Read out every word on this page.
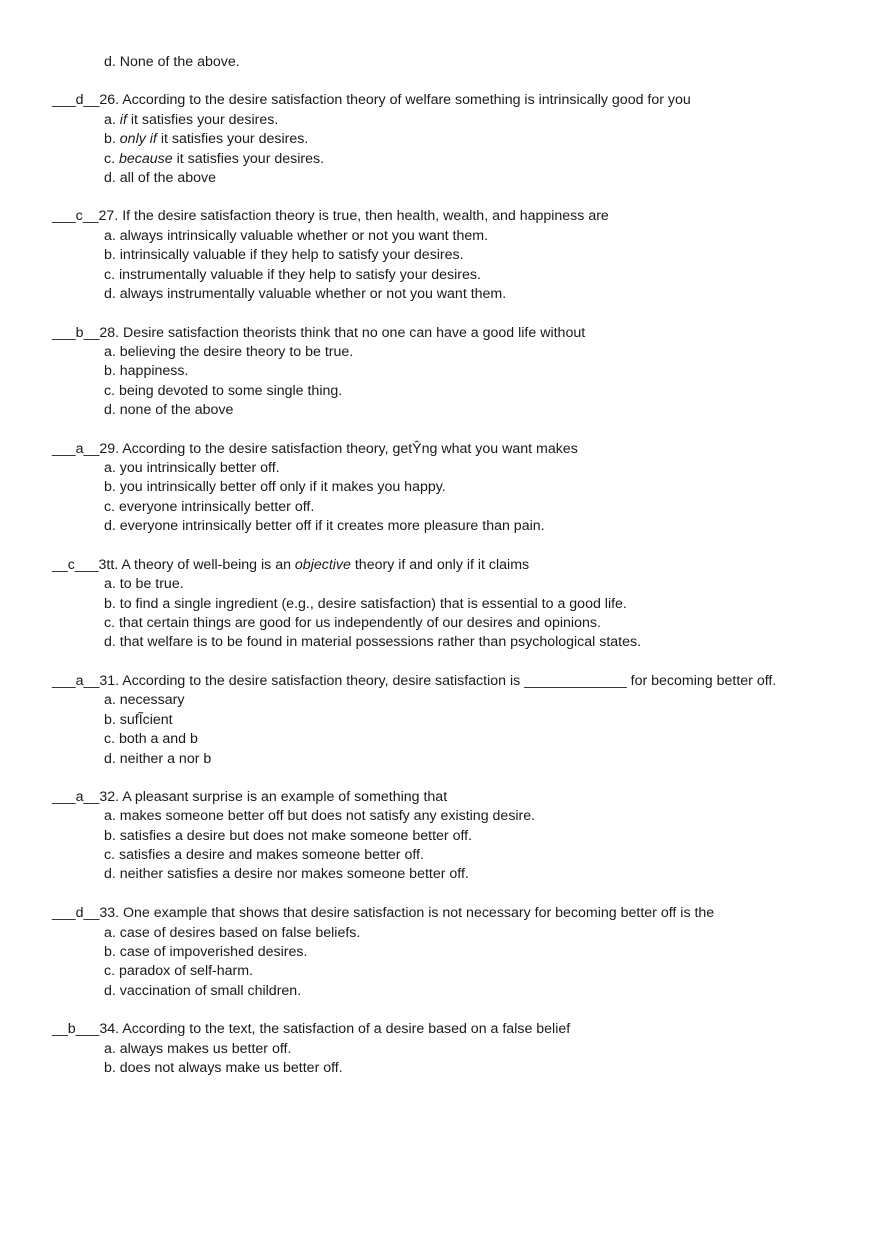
d. None of the above.
___d__26. According to the desire satisfaction theory of welfare something is intrinsically good for you
a. if it satisfies your desires.
b. only if it satisfies your desires.
c. because it satisfies your desires.
d. all of the above
___c__27. If the desire satisfaction theory is true, then health, wealth, and happiness are
a. always intrinsically valuable whether or not you want them.
b. intrinsically valuable if they help to satisfy your desires.
c. instrumentally valuable if they help to satisfy your desires.
d. always instrumentally valuable whether or not you want them.
___b__28. Desire satisfaction theorists think that no one can have a good life without
a. believing the desire theory to be true.
b. happiness.
c. being devoted to some single thing.
d. none of the above
___a__29. According to the desire satisfaction theory, getŶng what you want makes
a. you intrinsically better off.
b. you intrinsically better off only if it makes you happy.
c. everyone intrinsically better off.
d. everyone intrinsically better off if it creates more pleasure than pain.
__c___3tt. A theory of well-being is an objective theory if and only if it claims
a. to be true.
b. to find a single ingredient (e.g., desire satisfaction) that is essential to a good life.
c. that certain things are good for us independently of our desires and opinions.
d. that welfare is to be found in material possessions rather than psychological states.
___a__31. According to the desire satisfaction theory, desire satisfaction is _____________ for becoming better off.
a. necessary
b. sufĨcient
c. both a and b
d. neither a nor b
___a__32. A pleasant surprise is an example of something that
a. makes someone better off but does not satisfy any existing desire.
b. satisfies a desire but does not make someone better off.
c. satisfies a desire and makes someone better off.
d. neither satisfies a desire nor makes someone better off.
___d__33. One example that shows that desire satisfaction is not necessary for becoming better off is the
a. case of desires based on false beliefs.
b. case of impoverished desires.
c. paradox of self-harm.
d. vaccination of small children.
__b___34. According to the text, the satisfaction of a desire based on a false belief
a. always makes us better off.
b. does not always make us better off.
